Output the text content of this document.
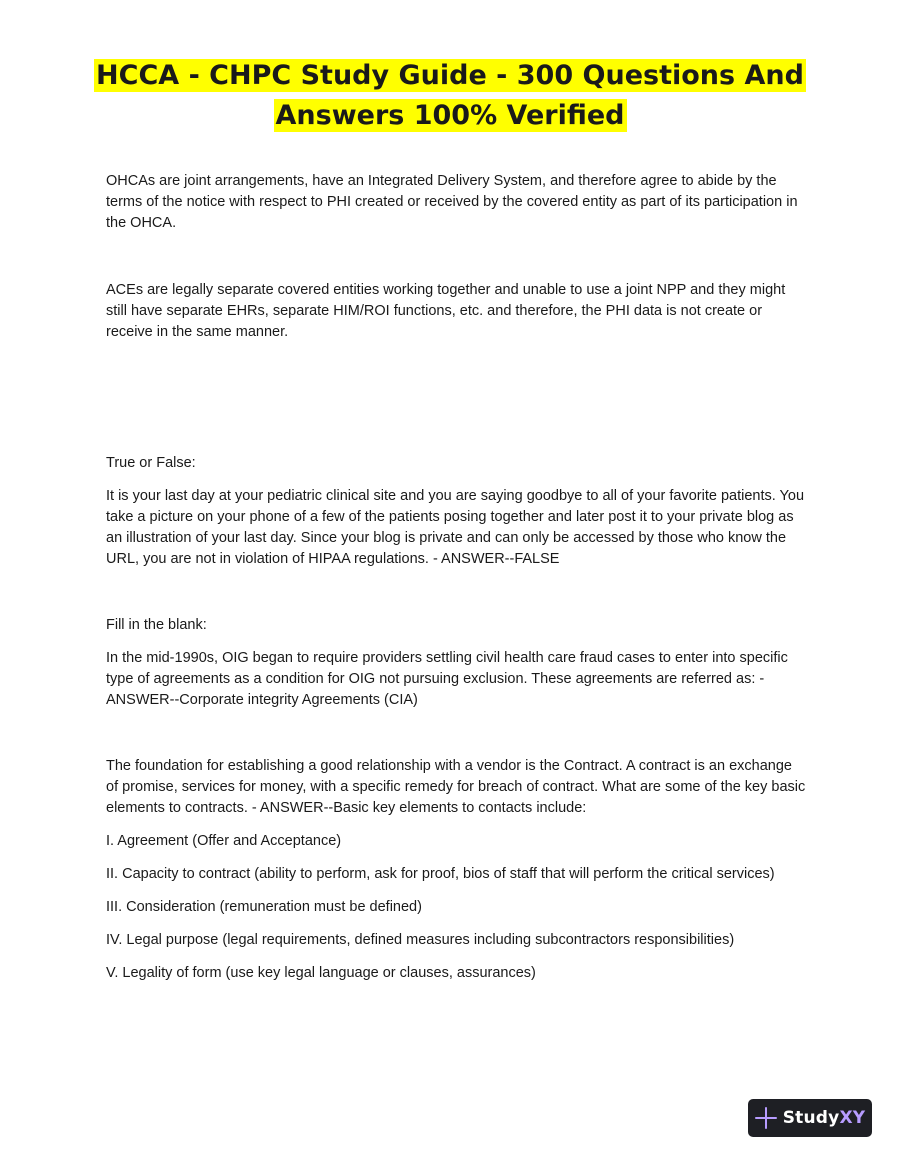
HCCA - CHPC Study Guide - 300 Questions And
Answers 100% Verified

OHCAs are joint arrangements, have an Integrated Delivery System, and therefore agree to abide by the terms of the notice with respect to PHI created or received by the covered entity as part of its participation in the OHCA.

ACEs are legally separate covered entities working together and unable to use a joint NPP and they might still have separate EHRs, separate HIM/ROI functions, etc. and therefore, the PHI data is not create or receive in the same manner.

True or False:

It is your last day at your pediatric clinical site and you are saying goodbye to all of your favorite patients. You take a picture on your phone of a few of the patients posing together and later post it to your private blog as an illustration of your last day. Since your blog is private and can only be accessed by those who know the URL, you are not in violation of HIPAA regulations. - ANSWER--FALSE

Fill in the blank:

In the mid-1990s, OIG began to require providers settling civil health care fraud cases to enter into specific type of agreements as a condition for OIG not pursuing exclusion. These agreements are referred as: - ANSWER--Corporate integrity Agreements (CIA)

The foundation for establishing a good relationship with a vendor is the Contract. A contract is an exchange of promise, services for money, with a specific remedy for breach of contract. What are some of the key basic elements to contracts. - ANSWER--Basic key elements to contacts include:

I. Agreement (Offer and Acceptance)

II. Capacity to contract (ability to perform, ask for proof, bios of staff that will perform the critical services)

III. Consideration (remuneration must be defined)

IV. Legal purpose (legal requirements, defined measures including subcontractors responsibilities)

V. Legality of form (use key legal language or clauses, assurances)

StudyXY
